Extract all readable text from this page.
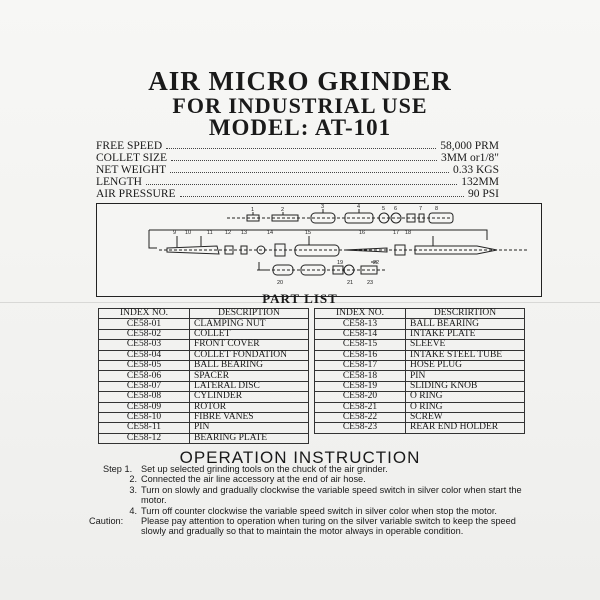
AIR MICRO GRINDER
FOR INDUSTRIAL USE
MODEL: AT-101
FREE SPEED	58,000 PRM
COLLET SIZE	3MM or1/8"
NET WEIGHT	0.33 KGS
LENGTH	132MM
AIR PRESSURE	90 PSI
1	2	3	4	5 6	7 8
9 10	11 12 13	14	15	16	17 18
19
20	21
22
23
PART LIST
INDEX NO.	DESCRIPTION
CE58-01	CLAMPING NUT
CE58-02	COLLET
CE58-03	FRONT COVER
CE58-04	COLLET FONDATION
CE58-05	BALL BEARING
CE58-06	SPACER
CE58-07	LATERAL DISC
CE58-08	CYLINDER
CE58-09	ROTOR
CE58-10	FIBRE VANES
CE58-11	PIN
CE58-12	BEARING PLATE
INDEX NO.	DESCRIRTION
CE58-13	BALL BEARING
CE58-14	INTAKE PLATE
CE58-15	SLEEVE
CE58-16	INTAKE STEEL TUBE
CE58-17	HOSE PLUG
CE58-18	PIN
CE58-19	SLIDING KNOB
CE58-20	O RING
CE58-21	O RING
CE58-22	SCREW
CE58-23	REAR END HOLDER
OPERATION INSTRUCTION
Step 1. Set up selected grinding tools on the chuck of the air grinder.
2. Connected the air line accessory at the end of air hose.
3. Turn on slowly and gradually clockwise the variable speed switch in silver color when start the motor.
4. Turn off counter clockwise the variable speed switch in silver color when stop the motor.
Caution:	Please pay attention to operation when turing on the silver variable switch to keep the speed slowly and gradually so that to maintain the motor always in operable condition.
